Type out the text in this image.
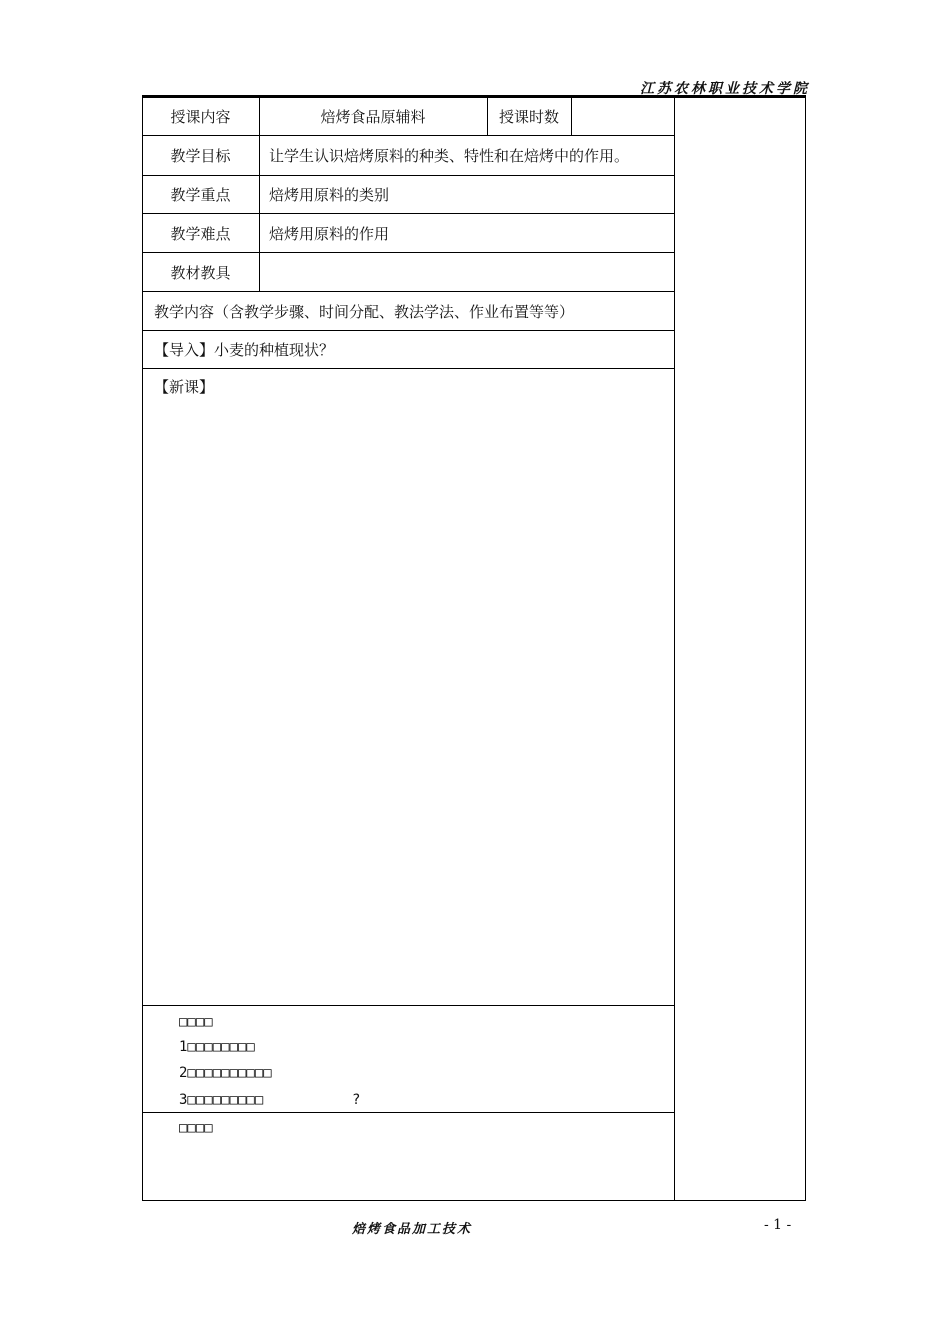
江苏农林职业技术学院
授课内容	焙烤食品原辅料	授课时数
教学目标	让学生认识焙烤原料的种类、特性和在焙烤中的作用。
教学重点	焙烤用原料的类别
教学难点	焙烤用原料的作用
教材教具
教学内容（含教学步骤、时间分配、教法学法、作业布置等等）
【导入】小麦的种植现状？
【新课】
□□□□
1□□□□□□□□
2□□□□□□□□□□
3□□□□□□□□□	?
□□□□
焙烤食品加工技术	- 1 -
